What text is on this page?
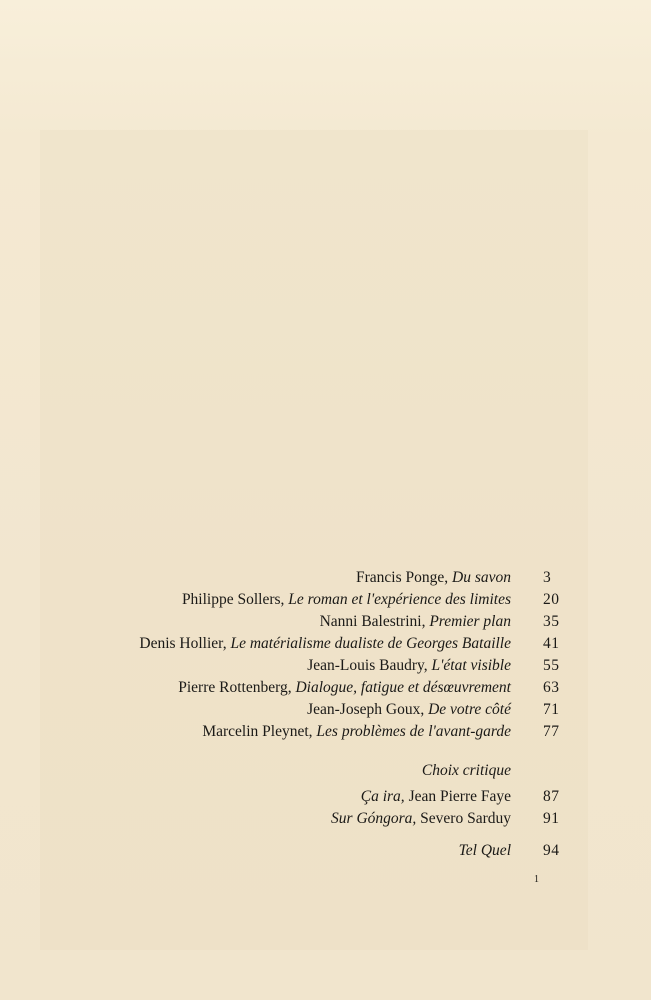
Francis Ponge, Du savon 3
Philippe Sollers, Le roman et l'expérience des limites 20
Nanni Balestrini, Premier plan 35
Denis Hollier, Le matérialisme dualiste de Georges Bataille 41
Jean-Louis Baudry, L'état visible 55
Pierre Rottenberg, Dialogue, fatigue et désœuvrement 63
Jean-Joseph Goux, De votre côté 71
Marcelin Pleynet, Les problèmes de l'avant-garde 77
Choix critique
Ça ira, Jean Pierre Faye 87
Sur Góngora, Severo Sarduy 91
Tel Quel 94
1
